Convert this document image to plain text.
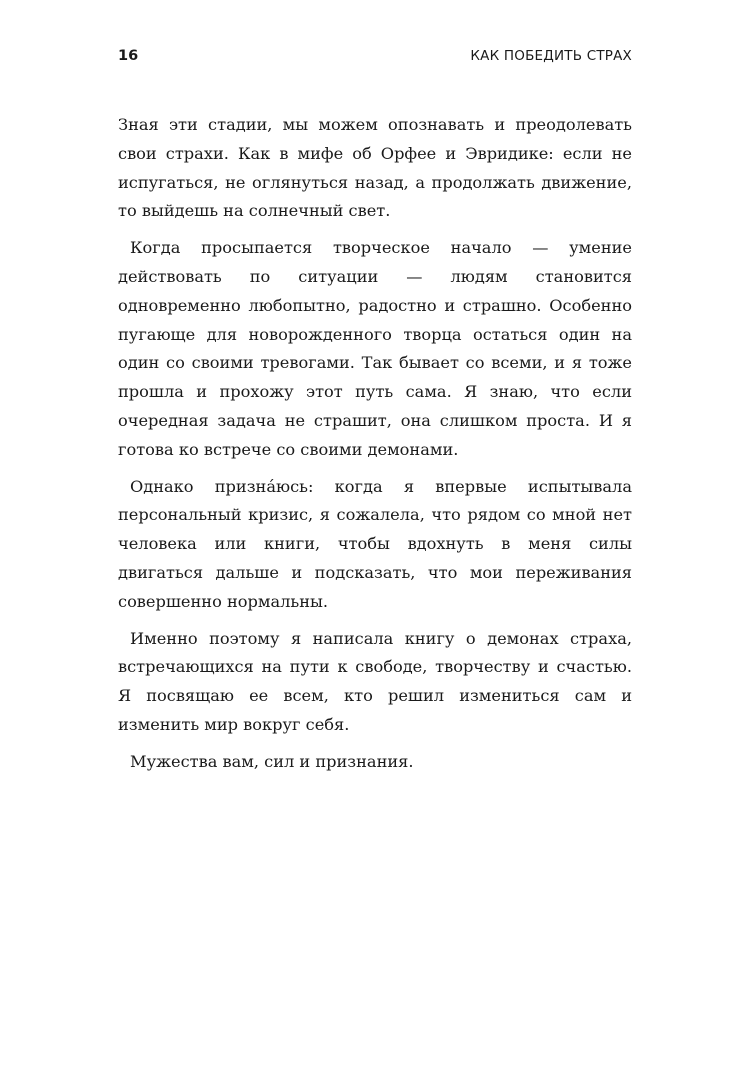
16	КАК ПОБЕДИТЬ СТРАХ

Зная эти стадии, мы можем опознавать и преодолевать свои страхи. Как в мифе об Орфее и Эвридике: если не испугаться, не оглянуться назад, а продолжать движение, то выйдешь на солнечный свет.

Когда просыпается творческое начало — умение действовать по ситуации — людям становится одновременно любопытно, радостно и страшно. Особенно пугающе для новорожденного творца остаться один на один со своими тревогами. Так бывает со всеми, и я тоже прошла и прохожу этот путь сама. Я знаю, что если очередная задача не страшит, она слишком проста. И я готова ко встрече со своими демонами.

Однако призна́юсь: когда я впервые испытывала персональный кризис, я сожалела, что рядом со мной нет человека или книги, чтобы вдохнуть в меня силы двигаться дальше и подсказать, что мои переживания совершенно нормальны.

Именно поэтому я написала книгу о демонах страха, встречающихся на пути к свободе, творчеству и счастью. Я посвящаю ее всем, кто решил измениться сам и изменить мир вокруг себя.

Мужества вам, сил и признания.
